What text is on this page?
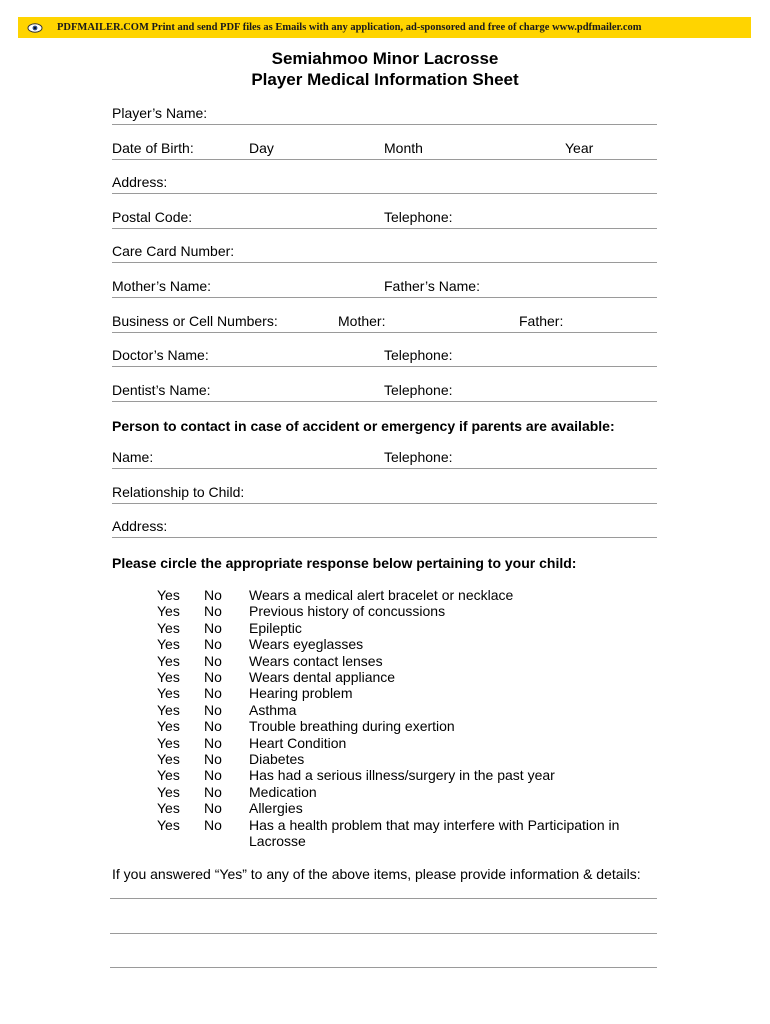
PDFMAILER.COM Print and send PDF files as Emails with any application, ad-sponsored and free of charge www.pdfmailer.com
Semiahmoo Minor Lacrosse
Player Medical Information Sheet
Player’s Name:
Date of Birth:	Day	Month	Year
Address:
Postal Code:	Telephone:
Care Card Number:
Mother’s Name:	Father’s Name:
Business or Cell Numbers:	Mother:	Father:
Doctor’s Name:	Telephone:
Dentist’s Name:	Telephone:
Person to contact in case of accident or emergency if parents are available:
Name:	Telephone:
Relationship to Child:
Address:
Please circle the appropriate response below pertaining to your child:
Yes	No	Wears a medical alert bracelet or necklace
Yes	No	Previous history of concussions
Yes	No	Epileptic
Yes	No	Wears eyeglasses
Yes	No	Wears contact lenses
Yes	No	Wears dental appliance
Yes	No	Hearing problem
Yes	No	Asthma
Yes	No	Trouble breathing during exertion
Yes	No	Heart Condition
Yes	No	Diabetes
Yes	No	Has had a serious illness/surgery in the past year
Yes	No	Medication
Yes	No	Allergies
Yes	No	Has a health problem that may interfere with Participation in Lacrosse
If you answered “Yes” to any of the above items, please provide information & details:
